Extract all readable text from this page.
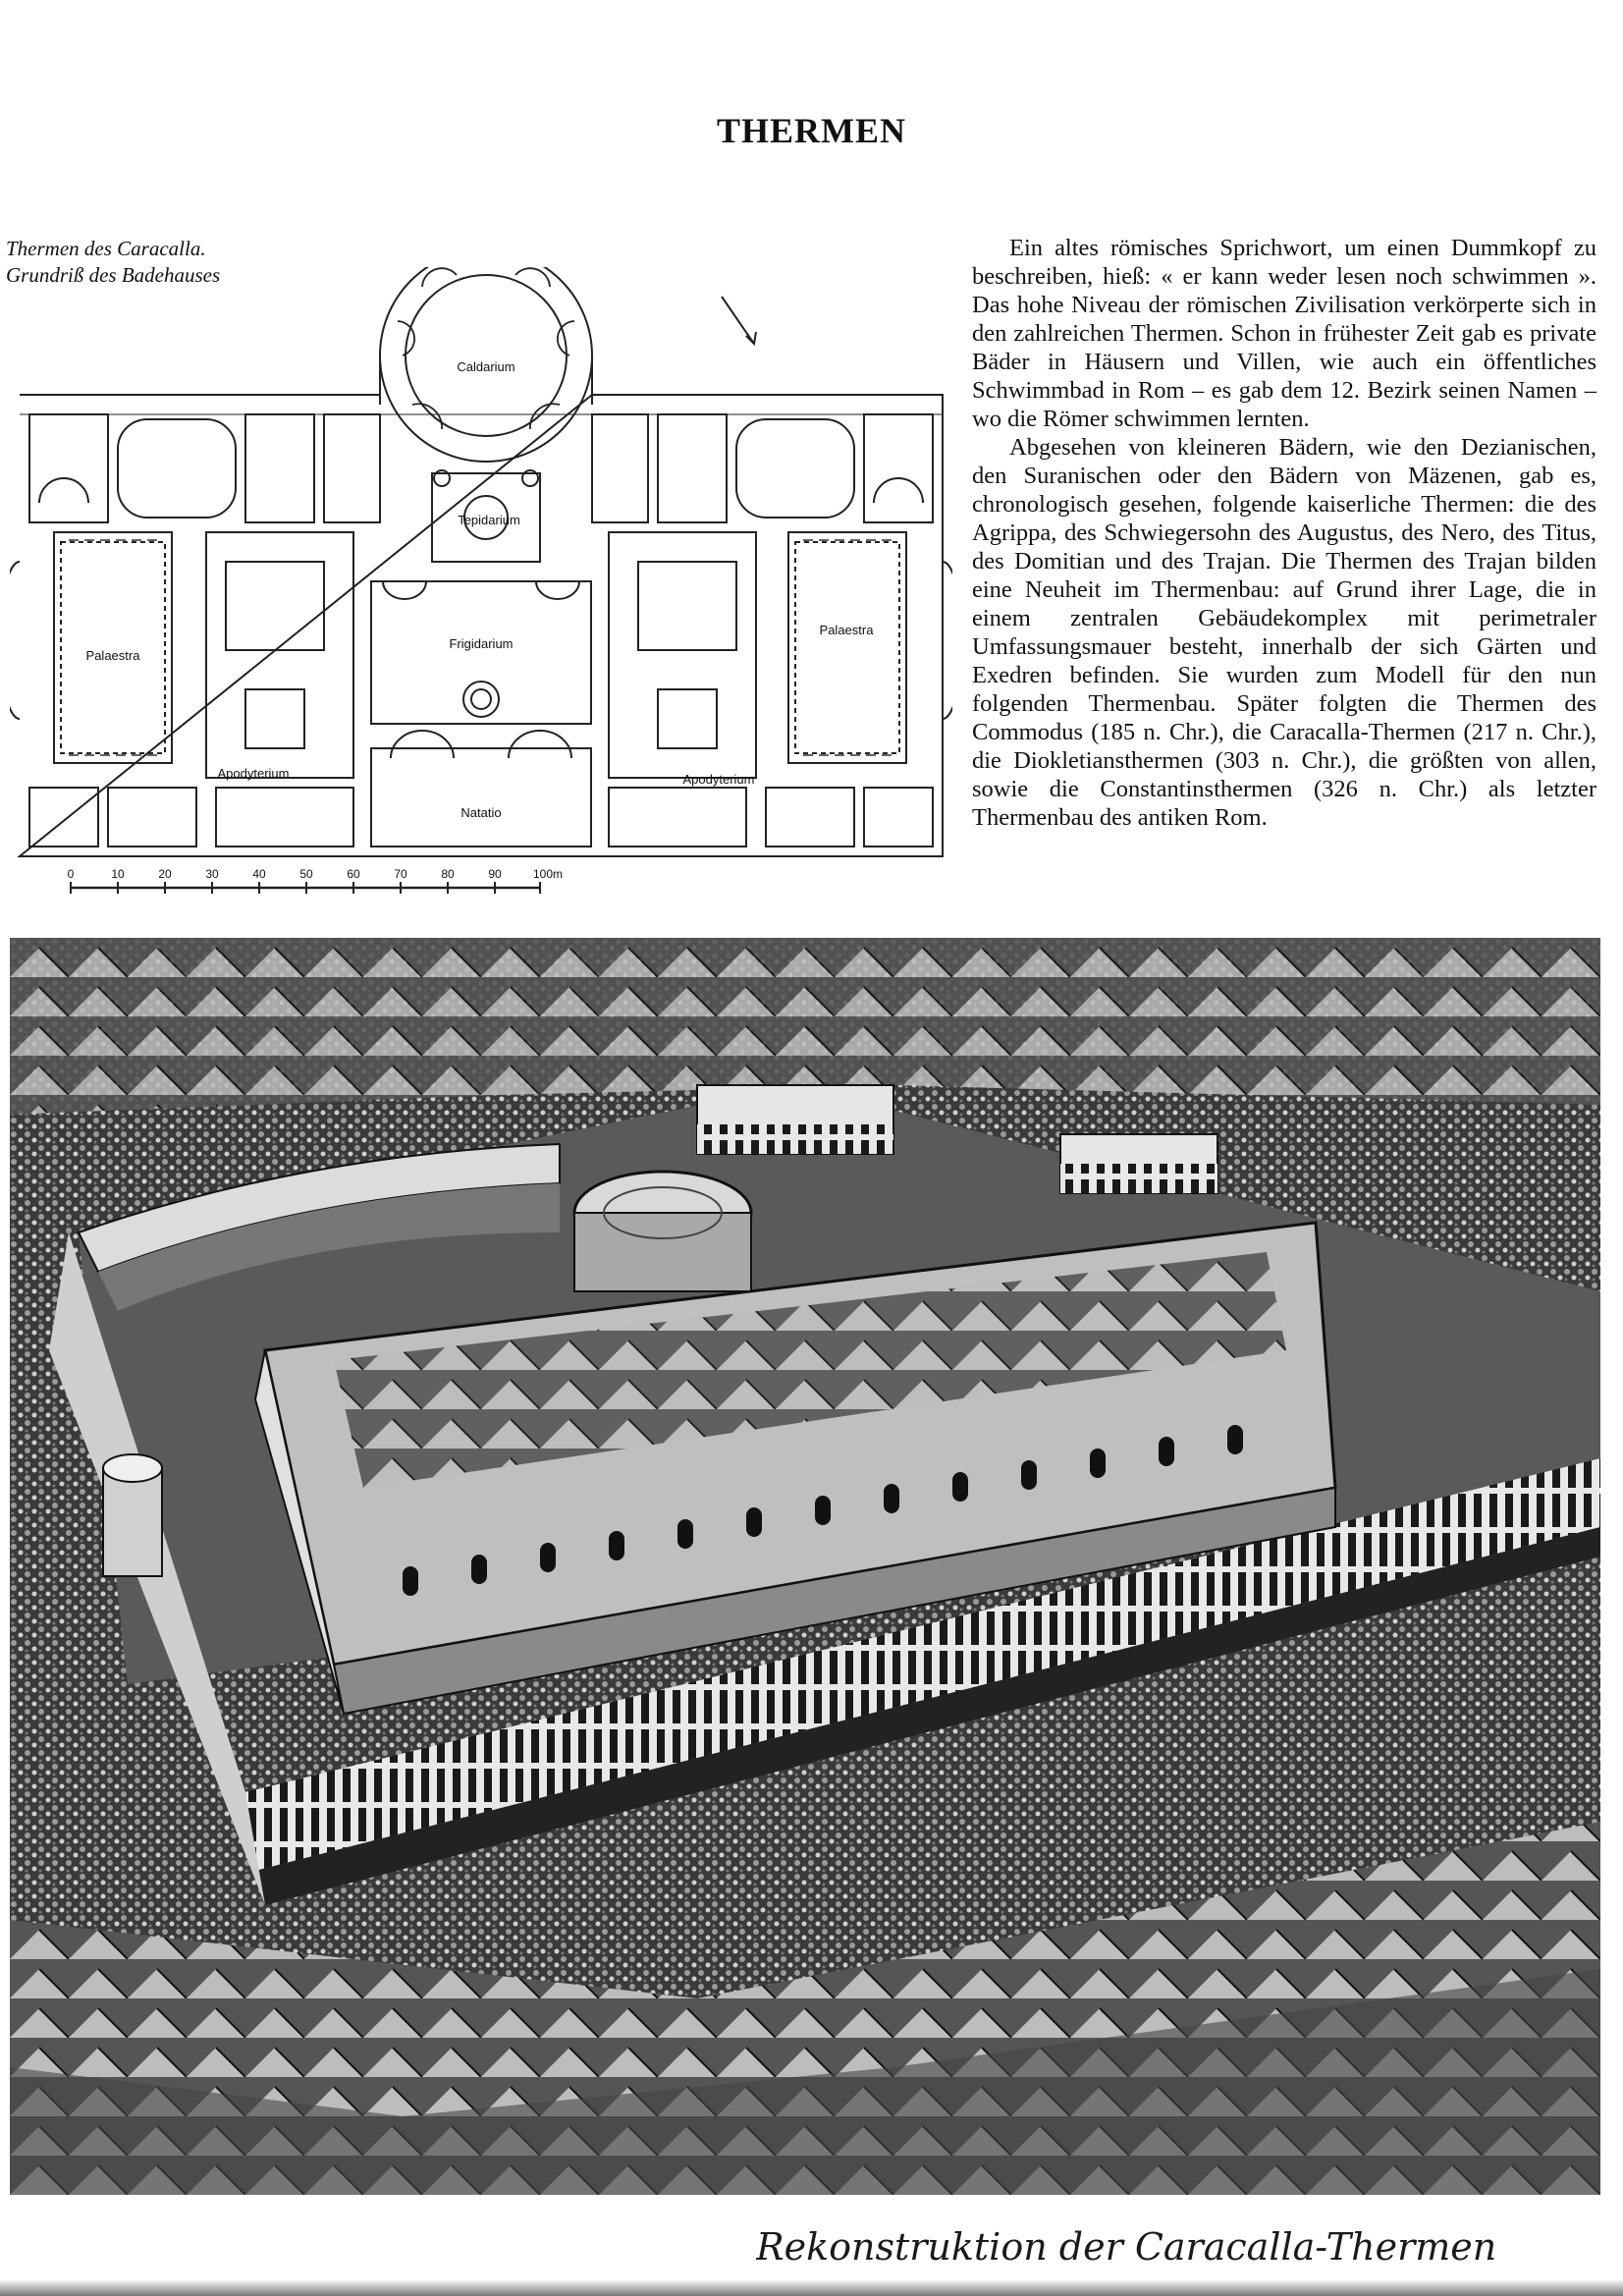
THERMEN
Thermen des Caracalla.
Grundriß des Badehauses

Ein altes römisches Sprichwort, um einen Dummkopf zu beschreiben, hieß: « er kann weder lesen noch schwimmen ». Das hohe Niveau der römischen Zivilisation verkörperte sich in den zahlreichen Thermen. Schon in frühester Zeit gab es private Bäder in Häusern und Villen, wie auch ein öffentliches Schwimmbad in Rom – es gab dem 12. Bezirk seinen Namen – wo die Römer schwimmen lernten.

Abgesehen von kleineren Bädern, wie den Dezianischen, den Suranischen oder den Bädern von Mäzenen, gab es, chronologisch gesehen, folgende kaiserliche Thermen: die des Agrippa, des Schwiegersohn des Augustus, des Nero, des Titus, des Domitian und des Trajan. Die Thermen des Trajan bilden eine Neuheit im Thermenbau: auf Grund ihrer Lage, die in einem zentralen Gebäudekomplex mit perimetraler Umfassungsmauer besteht, innerhalb der sich Gärten und Exedren befinden. Sie wurden zum Modell für den nun folgenden Thermenbau. Später folgten die Thermen des Commodus (185 n. Chr.), die Caracalla-Thermen (217 n. Chr.), die Diokletiansthermen (303 n. Chr.), die größten von allen, sowie die Constantinsthermen (326 n. Chr.) als letzter Thermenbau des antiken Rom.

Caldarium
Tepidarium
Frigidarium
Natatio
Palaestra
Palaestra
Apodyterium	Apodyterium
0	10	20	30	40	50	60	70	80	90	100m
Rekonstruktion der Caracalla-Thermen
